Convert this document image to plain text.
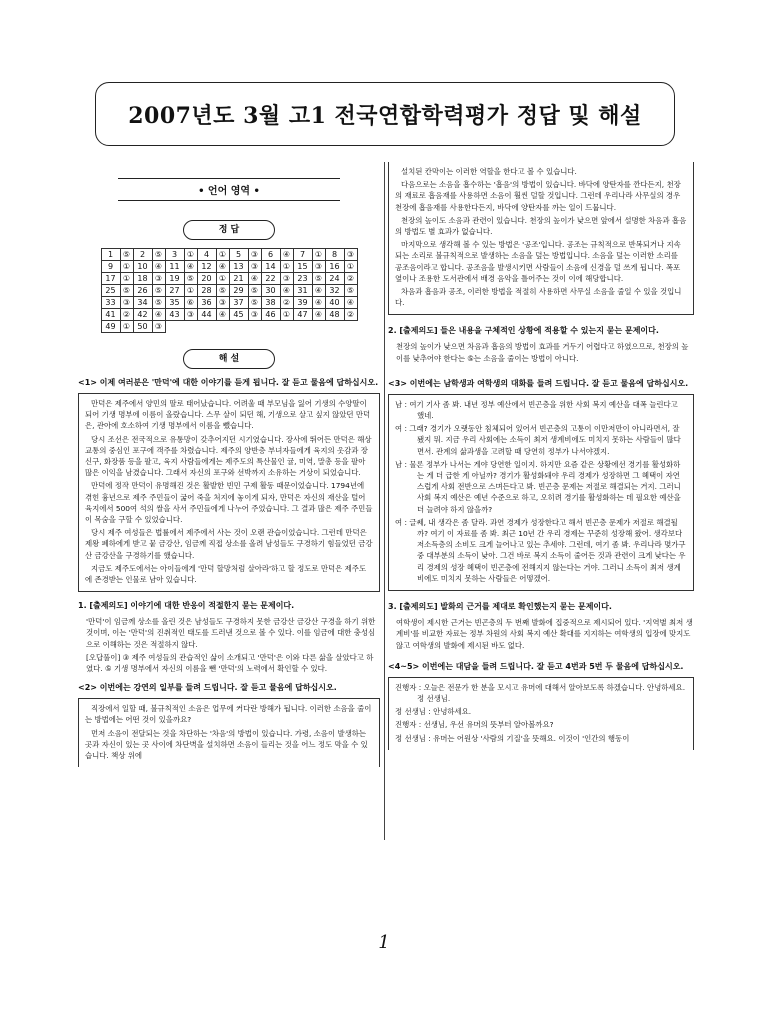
2007년도 3월 고1 전국연합학력평가 정답 및 해설
• 언어 영역 •
정 답
1	⑤	2	⑤	3	①	4	①	5	③	6	④	7	①	8	③
9	①	10	④	11	④	12	④	13	③	14	①	15	③	16	①
17	①	18	③	19	⑤	20	①	21	④	22	③	23	⑤	24	②
25	⑤	26	⑤	27	①	28	⑤	29	⑤	30	④	31	④	32	⑤
33	③	34	⑤	35	⑥	36	③	37	⑤	38	②	39	④	40	④
41	②	42	④	43	③	44	④	45	③	46	①	47	④	48	②
49	①	50	③												
해 설
<1> 이제 여러분은 '만덕'에 대한 이야기를 듣게 됩니다. 잘 듣고 물음에 답하십시오.

만덕은 제주에서 양민의 딸로 태어났습니다. 어려울 때 부모님을 잃어 기생의 수양딸이 되어 기생 명부에 이름이 올랐습니다. 스무 살이 되던 해, 기생으로 살고 싶지 않았던 만덕은, 관아에 호소하여 기생 명부에서 이름을 뺐습니다.

당시 조선은 전국적으로 유통망이 갖추어지던 시기였습니다. 장사에 뛰어든 만덕은 해상 교통의 중심인 포구에 객주를 차렸습니다. 제주의 양반층 부녀자들에게 육지의 옷감과 장신구, 화장품 등을 팔고, 육지 사람들에게는 제주도의 특산물인 귤, 미역, 말총 등을 팔아 많은 이익을 남겼습니다. 그래서 자신의 포구와 선박까지 소유하는 거상이 되었습니다.

만덕에 정작 만덕이 유명해진 것은 활발한 빈민 구제 활동 때문이었습니다. 1794년에 겪힌 흉년으로 제주 주민들이 굶어 죽을 처지에 놓이게 되자, 만덕은 자신의 재산을 털어 육지에서 500여 석의 쌀을 사서 주민들에게 나누어 주었습니다. 그 결과 많은 제주 주민들이 목숨을 구할 수 있었습니다.

당시 제주 여성들은 법률에서 제주에서 사는 것이 오랜 관습이었습니다. 그런데 만덕은 제왕 폐하에게 받고 뭍 금강산, 임금께 직접 상소를 올려 남성들도 구경하기 힘들었던 금강산 금강산을 구경하기를 했습니다.

지금도 제주도에서는 아이들에게 '만덕 할망처럼 살아라'하고 할 정도로 만덕은 제주도에 존경받는 인물로 남아 있습니다.

1. [출제의도] 이야기에 대한 반응이 적절한지 묻는 문제이다.

'만덕'이 임금께 상소를 올린 것은 남성들도 구경하지 못한 금강산 금강산 구경을 하기 위한 것이며, 이는 '만덕'의 진취적인 태도를 드러낸 것으로 볼 수 있다. 이를 임금에 대한 충성심으로 이해하는 것은 적절하지 않다.

[오답풀이] ③ 제주 여성들의 관습적인 삶이 소개되고 '만덕'은 이와 다른 삶을 살았다고 하였다. ⑤ 기생 명부에서 자신의 이름을 뺀 '만덕'의 노력에서 확인할 수 있다.

<2> 이번에는 강연의 일부를 들려 드립니다. 잘 듣고 물음에 답하십시오.

직장에서 일할 때, 불규칙적인 소음은 업무에 커다란 방해가 됩니다. 이러한 소음을 줄이는 방법에는 어떤 것이 있을까요?

먼저 소음이 전달되는 것을 차단하는 '차음'의 방법이 있습니다. 가령, 소음이 발생하는 곳과 자신이 있는 곳 사이에 차단벽을 설치하면 소음이 들리는 것을 어느 정도 막을 수 있습니다. 책상 위에

설치된 칸막이는 이러한 역할을 한다고 볼 수 있습니다.

다음으로는 소음을 흡수하는 '흡음'의 방법이 있습니다. 바닥에 양탄자를 깐다든지, 천장의 재료로 흡음재를 사용하면 소음이 훨씬 덜할 것입니다. 그런데 우리나라 사무실의 경우 천장에 흡음재를 사용한다든지, 바닥에 양탄자를 까는 일이 드뭅니다.

천장의 높이도 소음과 관련이 있습니다. 천장의 높이가 낮으면 앞에서 설명한 차음과 흡음의 방법도 별 효과가 없습니다.

마지막으로 생각해 볼 수 있는 방법은 '공조'입니다. 공조는 규칙적으로 반복되거나 지속되는 소리로 불규칙적으로 발생하는 소음을 덮는 방법입니다. 소음을 덮는 이러한 소리를 공조음이라고 합니다. 공조음을 발생시키면 사람들이 소음에 신경을 덜 쓰게 됩니다. 폭포 옆이나 조용한 도서관에서 배경 음악을 틀어주는 것이 이에 해당합니다.

차음과 흡음과 공조, 이러한 방법을 적절히 사용하면 사무실 소음을 줄일 수 있을 것입니다.

2. [출제의도] 들은 내용을 구체적인 상황에 적용할 수 있는지 묻는 문제이다.

천장의 높이가 낮으면 차음과 흡음의 방법이 효과를 거두기 어렵다고 하였으므로, 천장의 높이를 낮추어야 한다는 ⑤는 소음을 줄이는 방법이 아니다.

<3> 이번에는 남학생과 여학생의 대화를 들려 드립니다. 잘 듣고 물음에 답하십시오.
남 : 여기 기사 좀 봐. 내년 정부 예산에서 빈곤층을 위한 사회 복지 예산을 대폭 늘린다고 했네.
여 : 그래? 경기가 오랫동안 침체되어 있어서 빈곤층의 고통이 이만저만이 아니라면서, 잘 됐지 뭐. 지금 우리 사회에는 소득이 최저 생계비에도 미치지 못하는 사람들이 많다면서. 관계의 삶과생을 고려할 때 당연히 정부가 나서야겠지.
남 : 물론 정부가 나서는 게야 당연한 일이지. 하지만 요즘 같은 상황에선 경기를 활성화하는 게 더 급한 게 아닐까? 경기가 활성화돼야 우리 경제가 성장하면 그 혜택이 자연스럽게 사회 전반으로 스며든다고 봐. 빈곤층 문제는 저절로 해결되는 거지. 그러니 사회 복지 예산은 예년 수준으로 하고, 오히려 경기를 활성화하는 데 필요한 예산을 더 늘려야 하지 않을까?
여 : 글쎄, 내 생각은 좀 달라. 과연 경제가 성장한다고 해서 빈곤층 문제가 저절로 해결될까? 여기 이 자료를 좀 봐. 최근 10년 간 우리 경제는 꾸준히 성장해 왔어. 생각보다 저소득층의 소비도 크게 늘어나고 있는 추세야. 그런데, 여기 좀 봐. 우리나라 몇가구 중 대부분의 소득이 낮아. 그건 바로 복지 소득이 줄어든 것과 관련이 크게 낮다는 우리 경제의 성장 혜택이 빈곤층에 전해지지 않는다는 거야. 그러니 소득이 최저 생계비에도 미치지 못하는 사람들은 어떻겠어.
3. [출제의도] 발화의 근거를 제대로 확인했는지 묻는 문제이다.

여학생이 제시한 근거는 빈곤층의 두 번째 발화에 집중적으로 제시되어 있다. '지역별 최저 생계비'를 비교한 자료는 정부 차원의 사회 복지 예산 확대를 지지하는 여학생의 입장에 맞지도 않고 여학생의 발화에 제시된 바도 없다.

<4~5> 이번에는 대담을 들려 드립니다. 잘 듣고 4번과 5번 두 물음에 답하십시오.
진행자 : 오늘은 전문가 한 분을 모시고 유머에 대해서 알아보도록 하겠습니다. 안녕하세요. 정 선생님.
정 선생님 : 안녕하세요.
진행자 : 선생님, 우선 유머의 뜻부터 알아볼까요?
정 선생님 : 유머는 어원상 '사람의 기질'을 뜻해요. 이것이 '인간의 행동이
1
